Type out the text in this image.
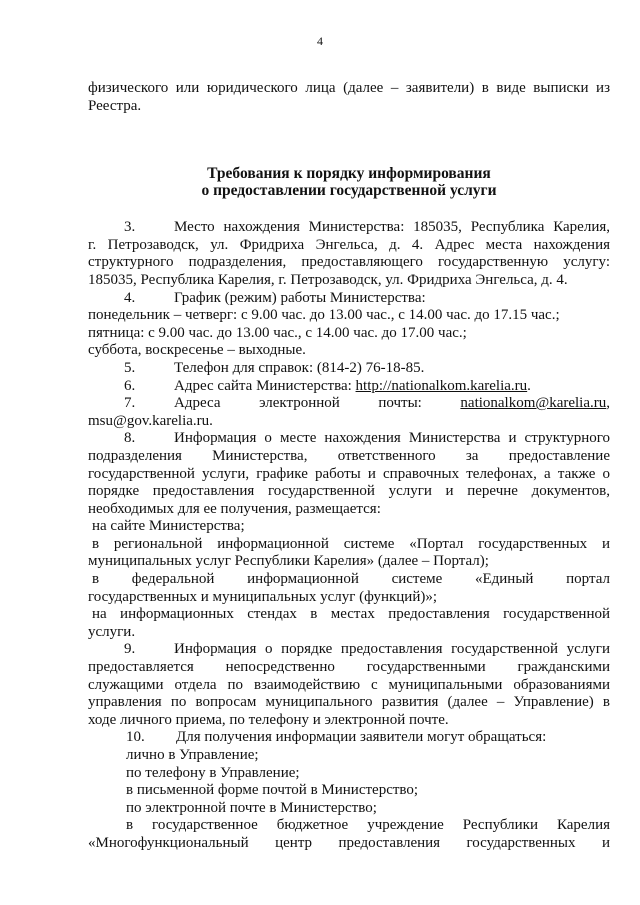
4

физического или юридического лица (далее – заявители) в виде выписки из

Реестра.

Требования к порядку информирования

о предоставлении государственной услуги

3.	Место нахождения Министерства: 185035, Республика Карелия,

г. Петрозаводск, ул. Фридриха Энгельса, д. 4. Адрес места нахождения

структурного подразделения, предоставляющего государственную услугу:

185035, Республика Карелия, г. Петрозаводск, ул. Фридриха Энгельса, д. 4.

4.	График (режим) работы Министерства:

понедельник – четверг: с 9.00 час. до 13.00 час., с 14.00 час. до 17.15 час.;

пятница: с 9.00 час. до 13.00 час., с 14.00 час. до 17.00 час.;

суббота, воскресенье – выходные.

5.	Телефон для справок: (814-2) 76-18-85.

6.	Адрес сайта Министерства: http://nationalkom.karelia.ru.

7.	Адреса	электронной	почты:	nationalkom@karelia.ru,

msu@gov.karelia.ru.

8.	Информация о месте нахождения Министерства и структурного

подразделения Министерства, ответственного за предоставление

государственной услуги, графике работы и справочных телефонах, а также о

порядке предоставления государственной услуги и перечне документов,

необходимых для ее получения, размещается:

на сайте Министерства;

в региональной информационной системе «Портал государственных и

муниципальных услуг Республики Карелия» (далее – Портал);

в федеральной информационной системе «Единый портал

государственных и муниципальных услуг (функций)»;

на информационных стендах в местах предоставления государственной

услуги.

9.	Информация о порядке предоставления государственной услуги

предоставляется непосредственно государственными гражданскими

служащими отдела по взаимодействию с муниципальными образованиями

управления по вопросам муниципального развития (далее – Управление) в

ходе личного приема, по телефону и электронной почте.

10. Для получения информации заявители могут обращаться:

лично в Управление;

по телефону в Управление;

в письменной форме почтой в Министерство;

по электронной почте в Министерство;

в государственное бюджетное учреждение Республики Карелия

«Многофункциональный центр предоставления государственных и
